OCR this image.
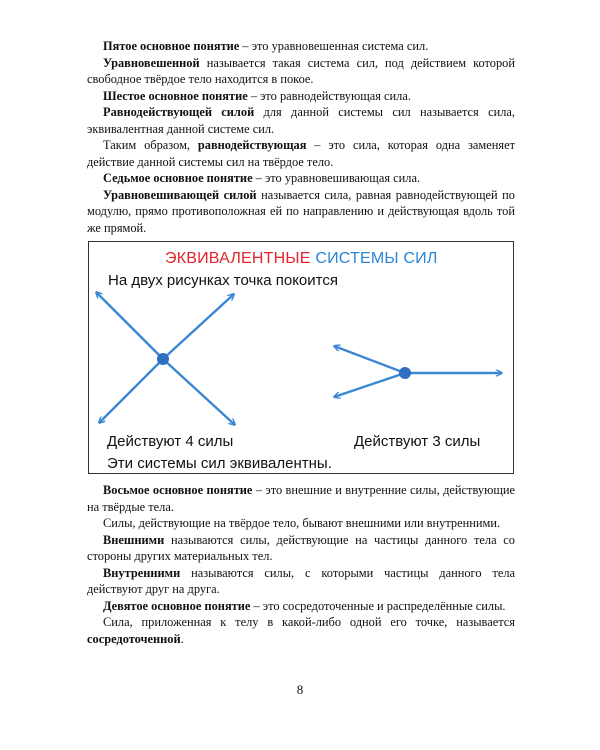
Пятое основное понятие – это уравновешенная система сил.

Уравновешенной называется такая система сил, под действием которой свободное твёрдое тело находится в покое.

Шестое основное понятие – это равнодействующая сила.

Равнодействующей силой для данной системы сил называется сила, эквивалентная данной системе сил.

Таким образом, равнодействующая – это сила, которая одна заменяет действие данной системы сил на твёрдое тело.

Седьмое основное понятие – это уравновешивающая сила.

Уравновешивающей силой называется сила, равная равнодействующей по модулю, прямо противоположная ей по направлению и действующая вдоль той же прямой.

ЭКВИВАЛЕНТНЫЕ СИСТЕМЫ СИЛ
На двух рисунках точка покоится
Действуют 4 силы	Действуют 3 силы
Эти системы сил эквивалентны.

Восьмое основное понятие – это внешние и внутренние силы, действующие на твёрдые тела.

Силы, действующие на твёрдое тело, бывают внешними или внутренними.

Внешними называются силы, действующие на частицы данного тела со стороны других материальных тел.

Внутренними называются силы, с которыми частицы данного тела действуют друг на друга.

Девятое основное понятие – это сосредоточенные и распределённые силы.

Сила, приложенная к телу в какой-либо одной его точке, называется сосредоточенной.

8
